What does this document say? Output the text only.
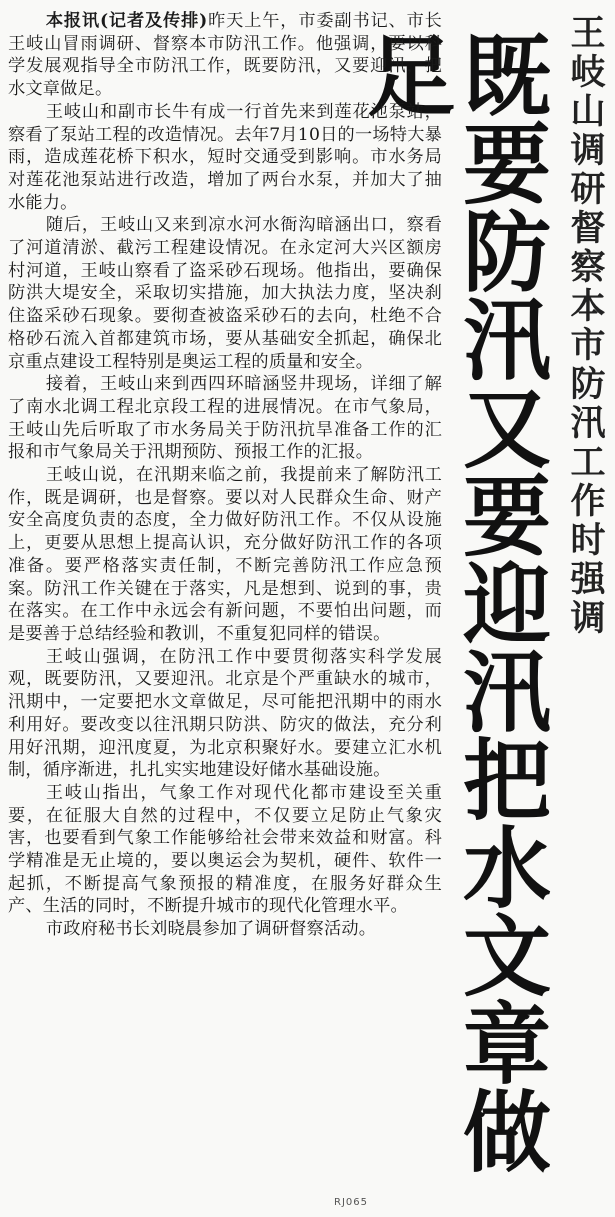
王岐山调研督察本市防汛工作时强调
既要防汛又要迎汛把水文章做足

本报讯(记者及传排)昨天上午，市委副书记、市长王岐山冒雨调研、督察本市防汛工作。他强调，要以科学发展观指导全市防汛工作，既要防汛，又要迎汛，把水文章做足。

王岐山和副市长牛有成一行首先来到莲花池泵站，察看了泵站工程的改造情况。去年7月10日的一场特大暴雨，造成莲花桥下积水，短时交通受到影响。市水务局对莲花池泵站进行改造，增加了两台水泵，并加大了抽水能力。

随后，王岐山又来到凉水河水衙沟暗涵出口，察看了河道清淤、截污工程建设情况。在永定河大兴区额房村河道，王岐山察看了盗采砂石现场。他指出，要确保防洪大堤安全，采取切实措施，加大执法力度，坚决刹住盗采砂石现象。要彻查被盗采砂石的去向，杜绝不合格砂石流入首都建筑市场，要从基础安全抓起，确保北京重点建设工程特别是奥运工程的质量和安全。

接着，王岐山来到西四环暗涵竖井现场，详细了解了南水北调工程北京段工程的进展情况。在市气象局，王岐山先后听取了市水务局关于防汛抗旱准备工作的汇报和市气象局关于汛期预防、预报工作的汇报。

王岐山说，在汛期来临之前，我提前来了解防汛工作，既是调研，也是督察。要以对人民群众生命、财产安全高度负责的态度，全力做好防汛工作。不仅从设施上，更要从思想上提高认识，充分做好防汛工作的各项准备。要严格落实责任制，不断完善防汛工作应急预案。防汛工作关键在于落实，凡是想到、说到的事，贵在落实。在工作中永远会有新问题，不要怕出问题，而是要善于总结经验和教训，不重复犯同样的错误。

王岐山强调，在防汛工作中要贯彻落实科学发展观，既要防汛，又要迎汛。北京是个严重缺水的城市，汛期中，一定要把水文章做足，尽可能把汛期中的雨水利用好。要改变以往汛期只防洪、防灾的做法，充分利用好汛期，迎汛度夏，为北京积聚好水。要建立汇水机制，循序渐进，扎扎实实地建设好储水基础设施。

王岐山指出，气象工作对现代化都市建设至关重要，在征服大自然的过程中，不仅要立足防止气象灾害，也要看到气象工作能够给社会带来效益和财富。科学精准是无止境的，要以奥运会为契机，硬件、软件一起抓，不断提高气象预报的精准度，在服务好群众生产、生活的同时，不断提升城市的现代化管理水平。

市政府秘书长刘晓晨参加了调研督察活动。

RJ065
